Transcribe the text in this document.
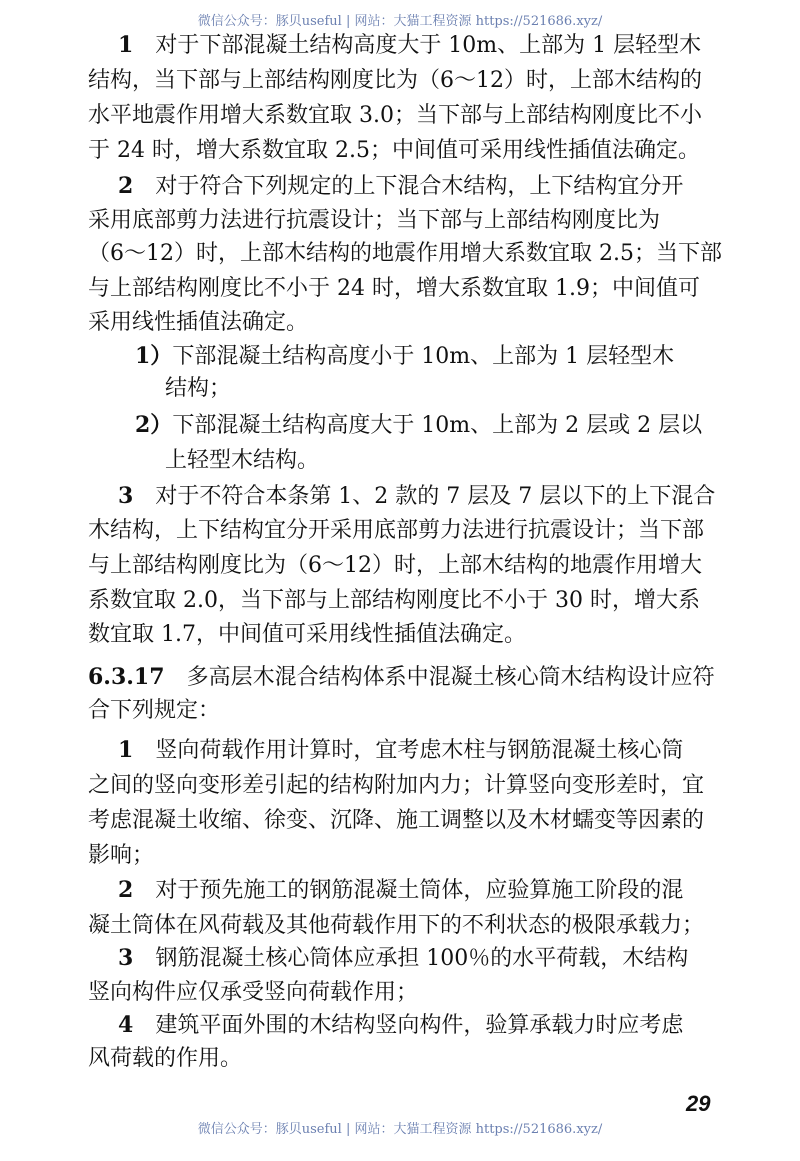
微信公众号：豚贝useful | 网站：大猫工程资源 https://521686.xyz/
1　对于下部混凝土结构高度大于 10m、上部为 1 层轻型木
结构，当下部与上部结构刚度比为（6～12）时，上部木结构的
水平地震作用增大系数宜取 3.0；当下部与上部结构刚度比不小
于 24 时，增大系数宜取 2.5；中间值可采用线性插值法确定。
2　对于符合下列规定的上下混合木结构，上下结构宜分开
采用底部剪力法进行抗震设计；当下部与上部结构刚度比为
（6～12）时，上部木结构的地震作用增大系数宜取 2.5；当下部
与上部结构刚度比不小于 24 时，增大系数宜取 1.9；中间值可
采用线性插值法确定。
1）下部混凝土结构高度小于 10m、上部为 1 层轻型木
结构；
2）下部混凝土结构高度大于 10m、上部为 2 层或 2 层以
上轻型木结构。
3　对于不符合本条第 1、2 款的 7 层及 7 层以下的上下混合
木结构，上下结构宜分开采用底部剪力法进行抗震设计；当下部
与上部结构刚度比为（6～12）时，上部木结构的地震作用增大
系数宜取 2.0，当下部与上部结构刚度比不小于 30 时，增大系
数宜取 1.7，中间值可采用线性插值法确定。
6.3.17　多高层木混合结构体系中混凝土核心筒木结构设计应符
合下列规定：
1　竖向荷载作用计算时，宜考虑木柱与钢筋混凝土核心筒
之间的竖向变形差引起的结构附加内力；计算竖向变形差时，宜
考虑混凝土收缩、徐变、沉降、施工调整以及木材蠕变等因素的
影响；
2　对于预先施工的钢筋混凝土筒体，应验算施工阶段的混
凝土筒体在风荷载及其他荷载作用下的不利状态的极限承载力；
3　钢筋混凝土核心筒体应承担 100％的水平荷载，木结构
竖向构件应仅承受竖向荷载作用；
4　建筑平面外围的木结构竖向构件，验算承载力时应考虑
风荷载的作用。
29
微信公众号：豚贝useful | 网站：大猫工程资源 https://521686.xyz/
